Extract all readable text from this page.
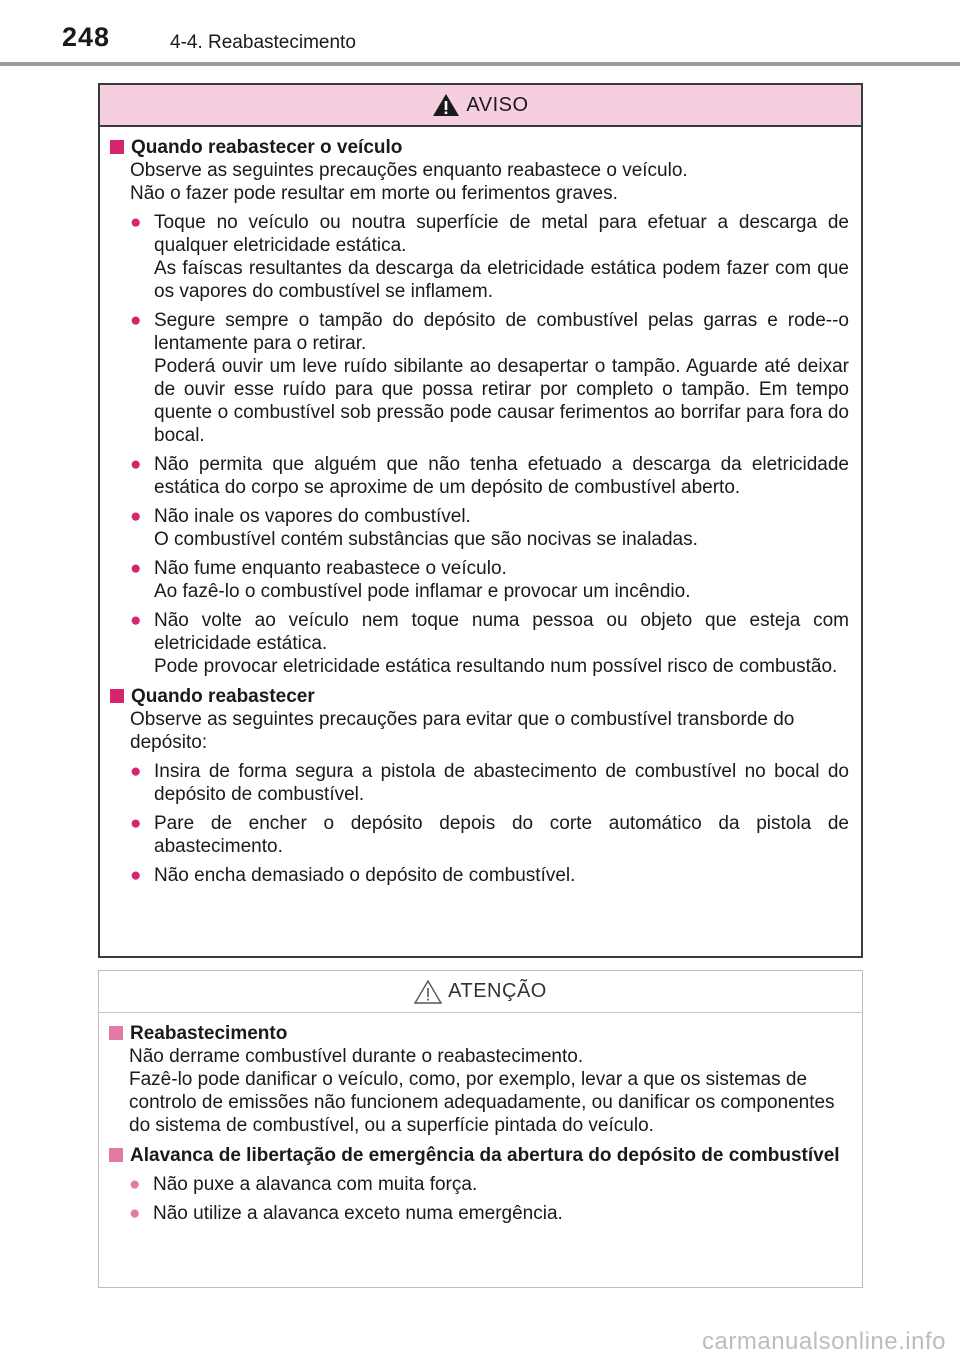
248	4-4. Reabastecimento
AVISO
Quando reabastecer o veículo
Observe as seguintes precauções enquanto reabastece o veículo.
Não o fazer pode resultar em morte ou ferimentos graves.
● Toque no veículo ou noutra superfície de metal para efetuar a descarga de qualquer eletricidade estática.
As faíscas resultantes da descarga da eletricidade estática podem fazer com que os vapores do combustível se inflamem.
● Segure sempre o tampão do depósito de combustível pelas garras e rode--o lentamente para o retirar.
Poderá ouvir um leve ruído sibilante ao desapertar o tampão. Aguarde até deixar de ouvir esse ruído para que possa retirar por completo o tampão. Em tempo quente o combustível sob pressão pode causar ferimentos ao borrifar para fora do bocal.
● Não permita que alguém que não tenha efetuado a descarga da eletricidade estática do corpo se aproxime de um depósito de combustível aberto.
● Não inale os vapores do combustível.
O combustível contém substâncias que são nocivas se inaladas.
● Não fume enquanto reabastece o veículo.
Ao fazê-lo o combustível pode inflamar e provocar um incêndio.
● Não volte ao veículo nem toque numa pessoa ou objeto que esteja com eletricidade estática.
Pode provocar eletricidade estática resultando num possível risco de combustão.
Quando reabastecer
Observe as seguintes precauções para evitar que o combustível transborde do depósito:
● Insira de forma segura a pistola de abastecimento de combustível no bocal do depósito de combustível.
● Pare de encher o depósito depois do corte automático da pistola de abastecimento.
● Não encha demasiado o depósito de combustível.
ATENÇÃO
Reabastecimento
Não derrame combustível durante o reabastecimento.
Fazê-lo pode danificar o veículo, como, por exemplo, levar a que os sistemas de controlo de emissões não funcionem adequadamente, ou danificar os componentes do sistema de combustível, ou a superfície pintada do veículo.
Alavanca de libertação de emergência da abertura do depósito de combustível
● Não puxe a alavanca com muita força.
● Não utilize a alavanca exceto numa emergência.
carmanualsonline.info
